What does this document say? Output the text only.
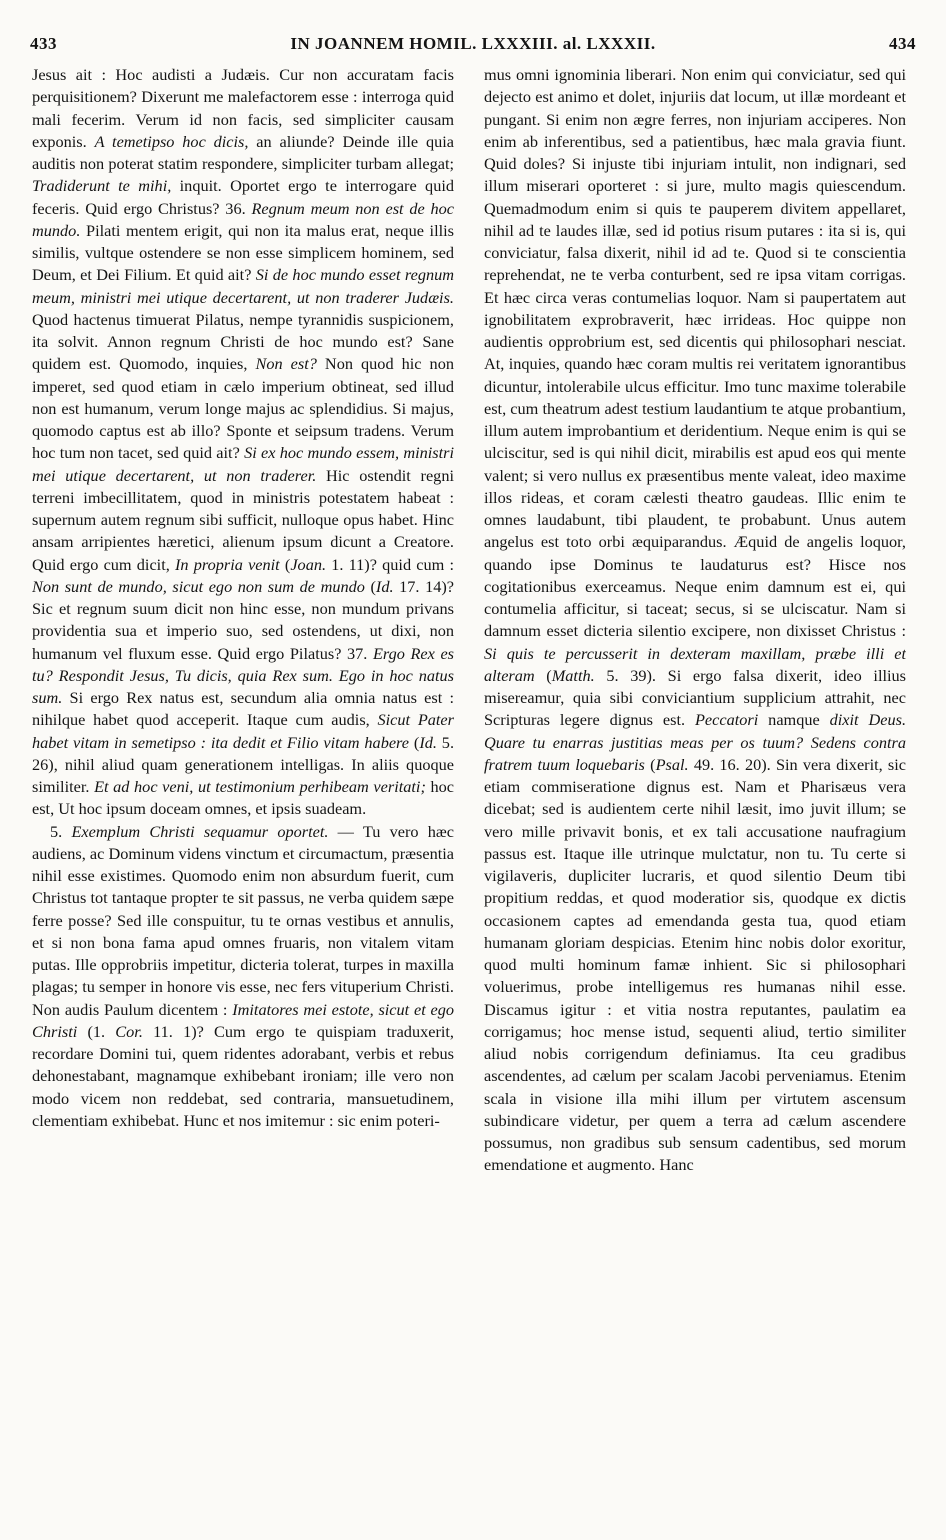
433	IN JOANNEM HOMIL. LXXXIII. al. LXXXII.	434

Jesus ait : Hoc audisti a Judæis. Cur non accuratam facis perquisitionem? Dixerunt me malefactorem esse : interroga quid mali fecerim. Verum id non facis, sed simpliciter causam exponis. A temetipso hoc dicis, an aliunde? Deinde ille quia auditis non poterat statim respondere, simpliciter turbam allegat; Tradiderunt te mihi, inquit. Oportet ergo te interrogare quid feceris. Quid ergo Christus? 36. Regnum meum non est de hoc mundo. Pilati mentem erigit, qui non ita malus erat, neque illis similis, vultque ostendere se non esse simplicem hominem, sed Deum, et Dei Filium. Et quid ait? Si de hoc mundo esset regnum meum, ministri mei utique decertarent, ut non traderer Judæis. Quod hactenus timuerat Pilatus, nempe tyrannidis suspicionem, ita solvit. Annon regnum Christi de hoc mundo est? Sane quidem est. Quomodo, inquies, Non est? Non quod hic non imperet, sed quod etiam in cælo imperium obtineat, sed illud non est humanum, verum longe majus ac splendidius. Si majus, quomodo captus est ab illo? Sponte et seipsum tradens. Verum hoc tum non tacet, sed quid ait? Si ex hoc mundo essem, ministri mei utique decertarent, ut non traderer. Hic ostendit regni terreni imbecillitatem, quod in ministris potestatem habeat : supernum autem regnum sibi sufficit, nulloque opus habet. Hinc ansam arripientes hæretici, alienum ipsum dicunt a Creatore. Quid ergo cum dicit, In propria venit (Joan. 1. 11)? quid cum : Non sunt de mundo, sicut ego non sum de mundo (Id. 17. 14)? Sic et regnum suum dicit non hinc esse, non mundum privans providentia sua et imperio suo, sed ostendens, ut dixi, non humanum vel fluxum esse. Quid ergo Pilatus? 37. Ergo Rex es tu? Respondit Jesus, Tu dicis, quia Rex sum. Ego in hoc natus sum. Si ergo Rex natus est, secundum alia omnia natus est : nihilque habet quod acceperit. Itaque cum audis, Sicut Pater habet vitam in semetipso : ita dedit et Filio vitam habere (Id. 5. 26), nihil aliud quam generationem intelligas. In aliis quoque similiter. Et ad hoc veni, ut testimonium perhibeam veritati; hoc est, Ut hoc ipsum doceam omnes, et ipsis suadeam.

5. Exemplum Christi sequamur oportet. — Tu vero hæc audiens, ac Dominum videns vinctum et circumactum, præsentia nihil esse existimes. Quomodo enim non absurdum fuerit, cum Christus tot tantaque propter te sit passus, ne verba quidem sæpe ferre posse? Sed ille conspuitur, tu te ornas vestibus et annulis, et si non bona fama apud omnes fruaris, non vitalem vitam putas. Ille opprobriis impetitur, dicteria tolerat, turpes in maxilla plagas; tu semper in honore vis esse, nec fers vituperium Christi. Non audis Paulum dicentem : Imitatores mei estote, sicut et ego Christi (1. Cor. 11. 1)? Cum ergo te quispiam traduxerit, recordare Domini tui, quem ridentes adorabant, verbis et rebus dehonestabant, magnamque exhibebant ironiam; ille vero non modo vicem non reddebat, sed contraria, mansuetudinem, clementiam exhibebat. Hunc et nos imitemur : sic enim poteri-

mus omni ignominia liberari. Non enim qui conviciatur, sed qui dejecto est animo et dolet, injuriis dat locum, ut illæ mordeant et pungant. Si enim non ægre ferres, non injuriam acciperes. Non enim ab inferentibus, sed a patientibus, hæc mala gravia fiunt. Quid doles? Si injuste tibi injuriam intulit, non indignari, sed illum miserari oporteret : si jure, multo magis quiescendum. Quemadmodum enim si quis te pauperem divitem appellaret, nihil ad te laudes illæ, sed id potius risum putares : ita si is, qui conviciatur, falsa dixerit, nihil id ad te. Quod si te conscientia reprehendat, ne te verba conturbent, sed re ipsa vitam corrigas. Et hæc circa veras contumelias loquor. Nam si paupertatem aut ignobilitatem exprobraverit, hæc irrideas. Hoc quippe non audientis opprobrium est, sed dicentis qui philosophari nesciat. At, inquies, quando hæc coram multis rei veritatem ignorantibus dicuntur, intolerabile ulcus efficitur. Imo tunc maxime tolerabile est, cum theatrum adest testium laudantium te atque probantium, illum autem improbantium et deridentium. Neque enim is qui se ulciscitur, sed is qui nihil dicit, mirabilis est apud eos qui mente valent; si vero nullus ex præsentibus mente valeat, ideo maxime illos rideas, et coram cælesti theatro gaudeas. Illic enim te omnes laudabunt, tibi plaudent, te probabunt. Unus autem angelus est toto orbi æquiparandus. Æquid de angelis loquor, quando ipse Dominus te laudaturus est? Hisce nos cogitationibus exerceamus. Neque enim damnum est ei, qui contumelia afficitur, si taceat; secus, si se ulciscatur. Nam si damnum esset dicteria silentio excipere, non dixisset Christus : Si quis te percusserit in dexteram maxillam, præbe illi et alteram (Matth. 5. 39). Si ergo falsa dixerit, ideo illius misereamur, quia sibi conviciantium supplicium attrahit, nec Scripturas legere dignus est. Peccatori namque dixit Deus. Quare tu enarras justitias meas per os tuum? Sedens contra fratrem tuum loquebaris (Psal. 49. 16. 20). Sin vera dixerit, sic etiam commiseratione dignus est. Nam et Pharisæus vera dicebat; sed is audientem certe nihil læsit, imo juvit illum; se vero mille privavit bonis, et ex tali accusatione naufragium passus est. Itaque ille utrinque mulctatur, non tu. Tu certe si vigilaveris, dupliciter lucraris, et quod silentio Deum tibi propitium reddas, et quod moderatior sis, quodque ex dictis occasionem captes ad emendanda gesta tua, quod etiam humanam gloriam despicias. Etenim hinc nobis dolor exoritur, quod multi hominum famæ inhient. Sic si philosophari voluerimus, probe intelligemus res humanas nihil esse. Discamus igitur : et vitia nostra reputantes, paulatim ea corrigamus; hoc mense istud, sequenti aliud, tertio similiter aliud nobis corrigendum definiamus. Ita ceu gradibus ascendentes, ad cælum per scalam Jacobi perveniamus. Etenim scala in visione illa mihi illum per virtutem ascensum subindicare videtur, per quem a terra ad cælum ascendere possumus, non gradibus sub sensum cadentibus, sed morum emendatione et augmento. Hanc
